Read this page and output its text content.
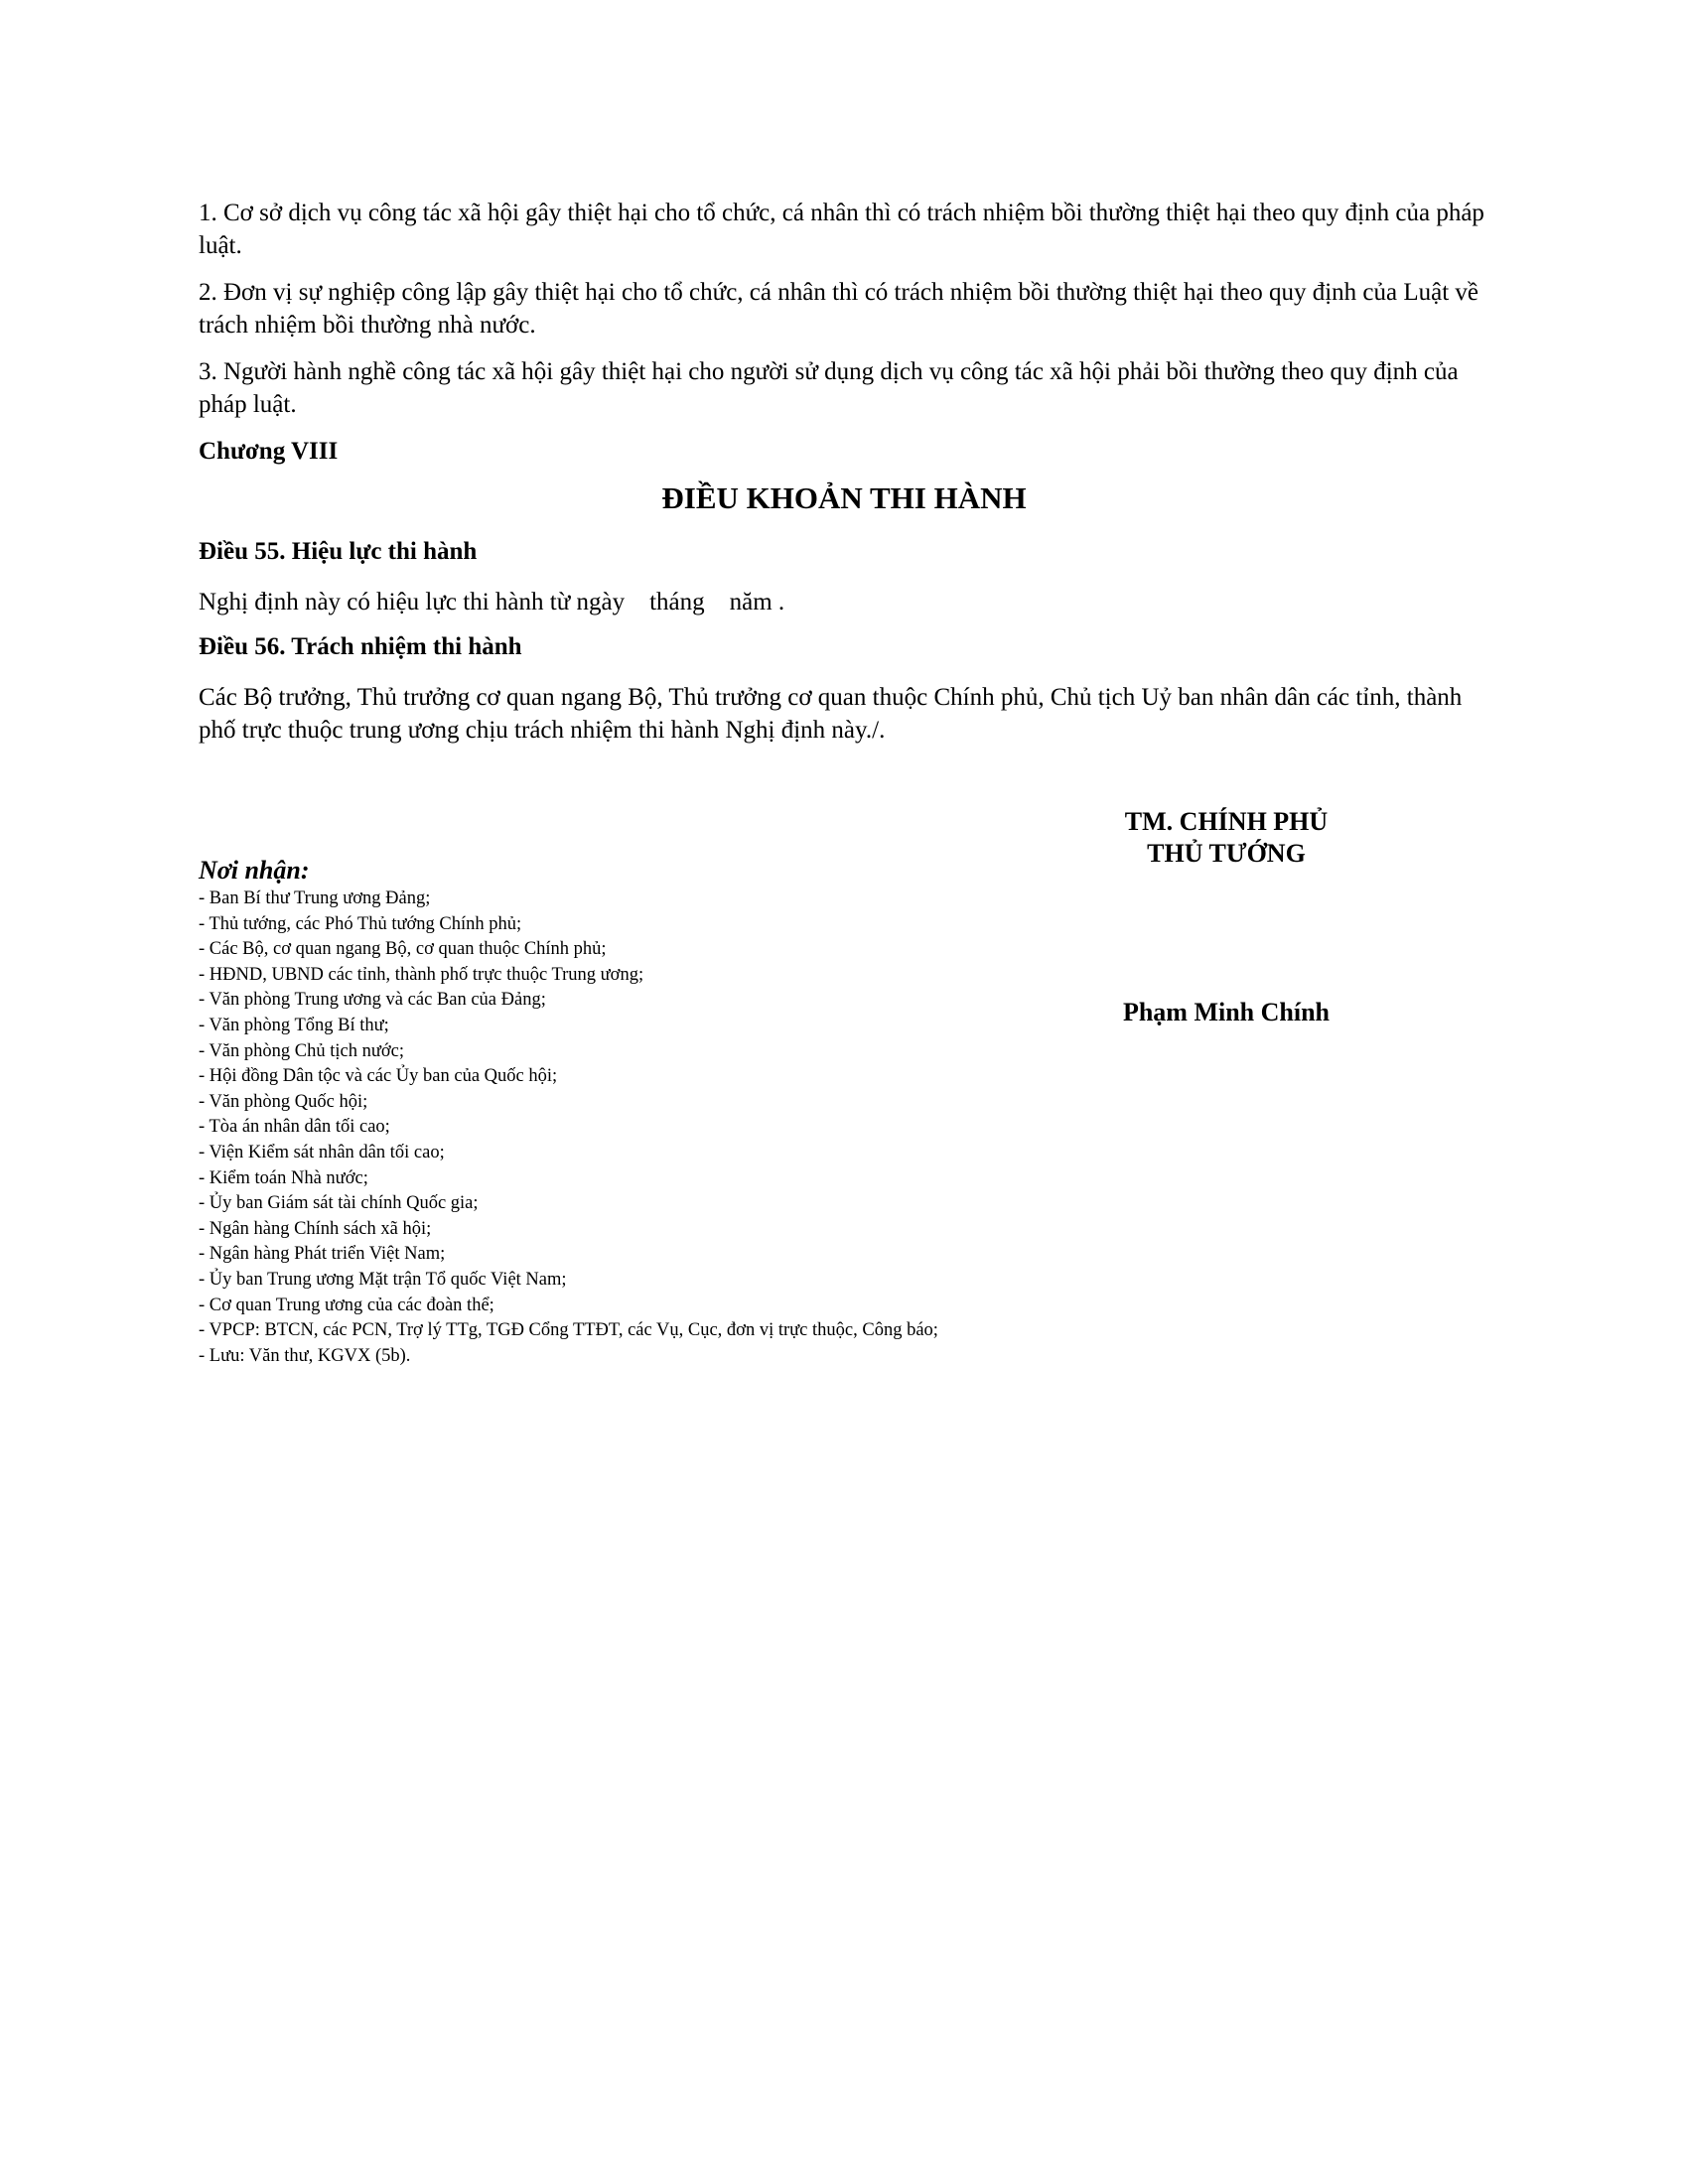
1. Cơ sở dịch vụ công tác xã hội gây thiệt hại cho tổ chức, cá nhân thì có trách nhiệm bồi thường thiệt hại theo quy định của pháp luật.

2. Đơn vị sự nghiệp công lập gây thiệt hại cho tổ chức, cá nhân thì có trách nhiệm bồi thường thiệt hại theo quy định của Luật về trách nhiệm bồi thường nhà nước.

3. Người hành nghề công tác xã hội gây thiệt hại cho người sử dụng dịch vụ công tác xã hội phải bồi thường theo quy định của pháp luật.

Chương VIII

ĐIỀU KHOẢN THI HÀNH
Điều 55. Hiệu lực thi hành

Nghị định này có hiệu lực thi hành từ ngày    tháng    năm .

Điều 56. Trách nhiệm thi hành

Các Bộ trưởng, Thủ trưởng cơ quan ngang Bộ, Thủ trưởng cơ quan thuộc Chính phủ, Chủ tịch Uỷ ban nhân dân các tỉnh, thành phố trực thuộc trung ương chịu trách nhiệm thi hành Nghị định này./.

TM. CHÍNH PHỦ
THỦ TƯỚNG
Phạm Minh Chính
Nơi nhận:
- Ban Bí thư Trung ương Đảng;
- Thủ tướng, các Phó Thủ tướng Chính phủ;
- Các Bộ, cơ quan ngang Bộ, cơ quan thuộc Chính phủ;
- HĐND, UBND các tỉnh, thành phố trực thuộc Trung ương;
- Văn phòng Trung ương và các Ban của Đảng;
- Văn phòng Tổng Bí thư;
- Văn phòng Chủ tịch nước;
- Hội đồng Dân tộc và các Ủy ban của Quốc hội;
- Văn phòng Quốc hội;
- Tòa án nhân dân tối cao;
- Viện Kiểm sát nhân dân tối cao;
- Kiểm toán Nhà nước;
- Ủy ban Giám sát tài chính Quốc gia;
- Ngân hàng Chính sách xã hội;
- Ngân hàng Phát triển Việt Nam;
- Ủy ban Trung ương Mặt trận Tổ quốc Việt Nam;
- Cơ quan Trung ương của các đoàn thể;
- VPCP: BTCN, các PCN, Trợ lý TTg, TGĐ Cổng TTĐT, các Vụ, Cục, đơn vị trực thuộc, Công báo;
- Lưu: Văn thư, KGVX (5b).
